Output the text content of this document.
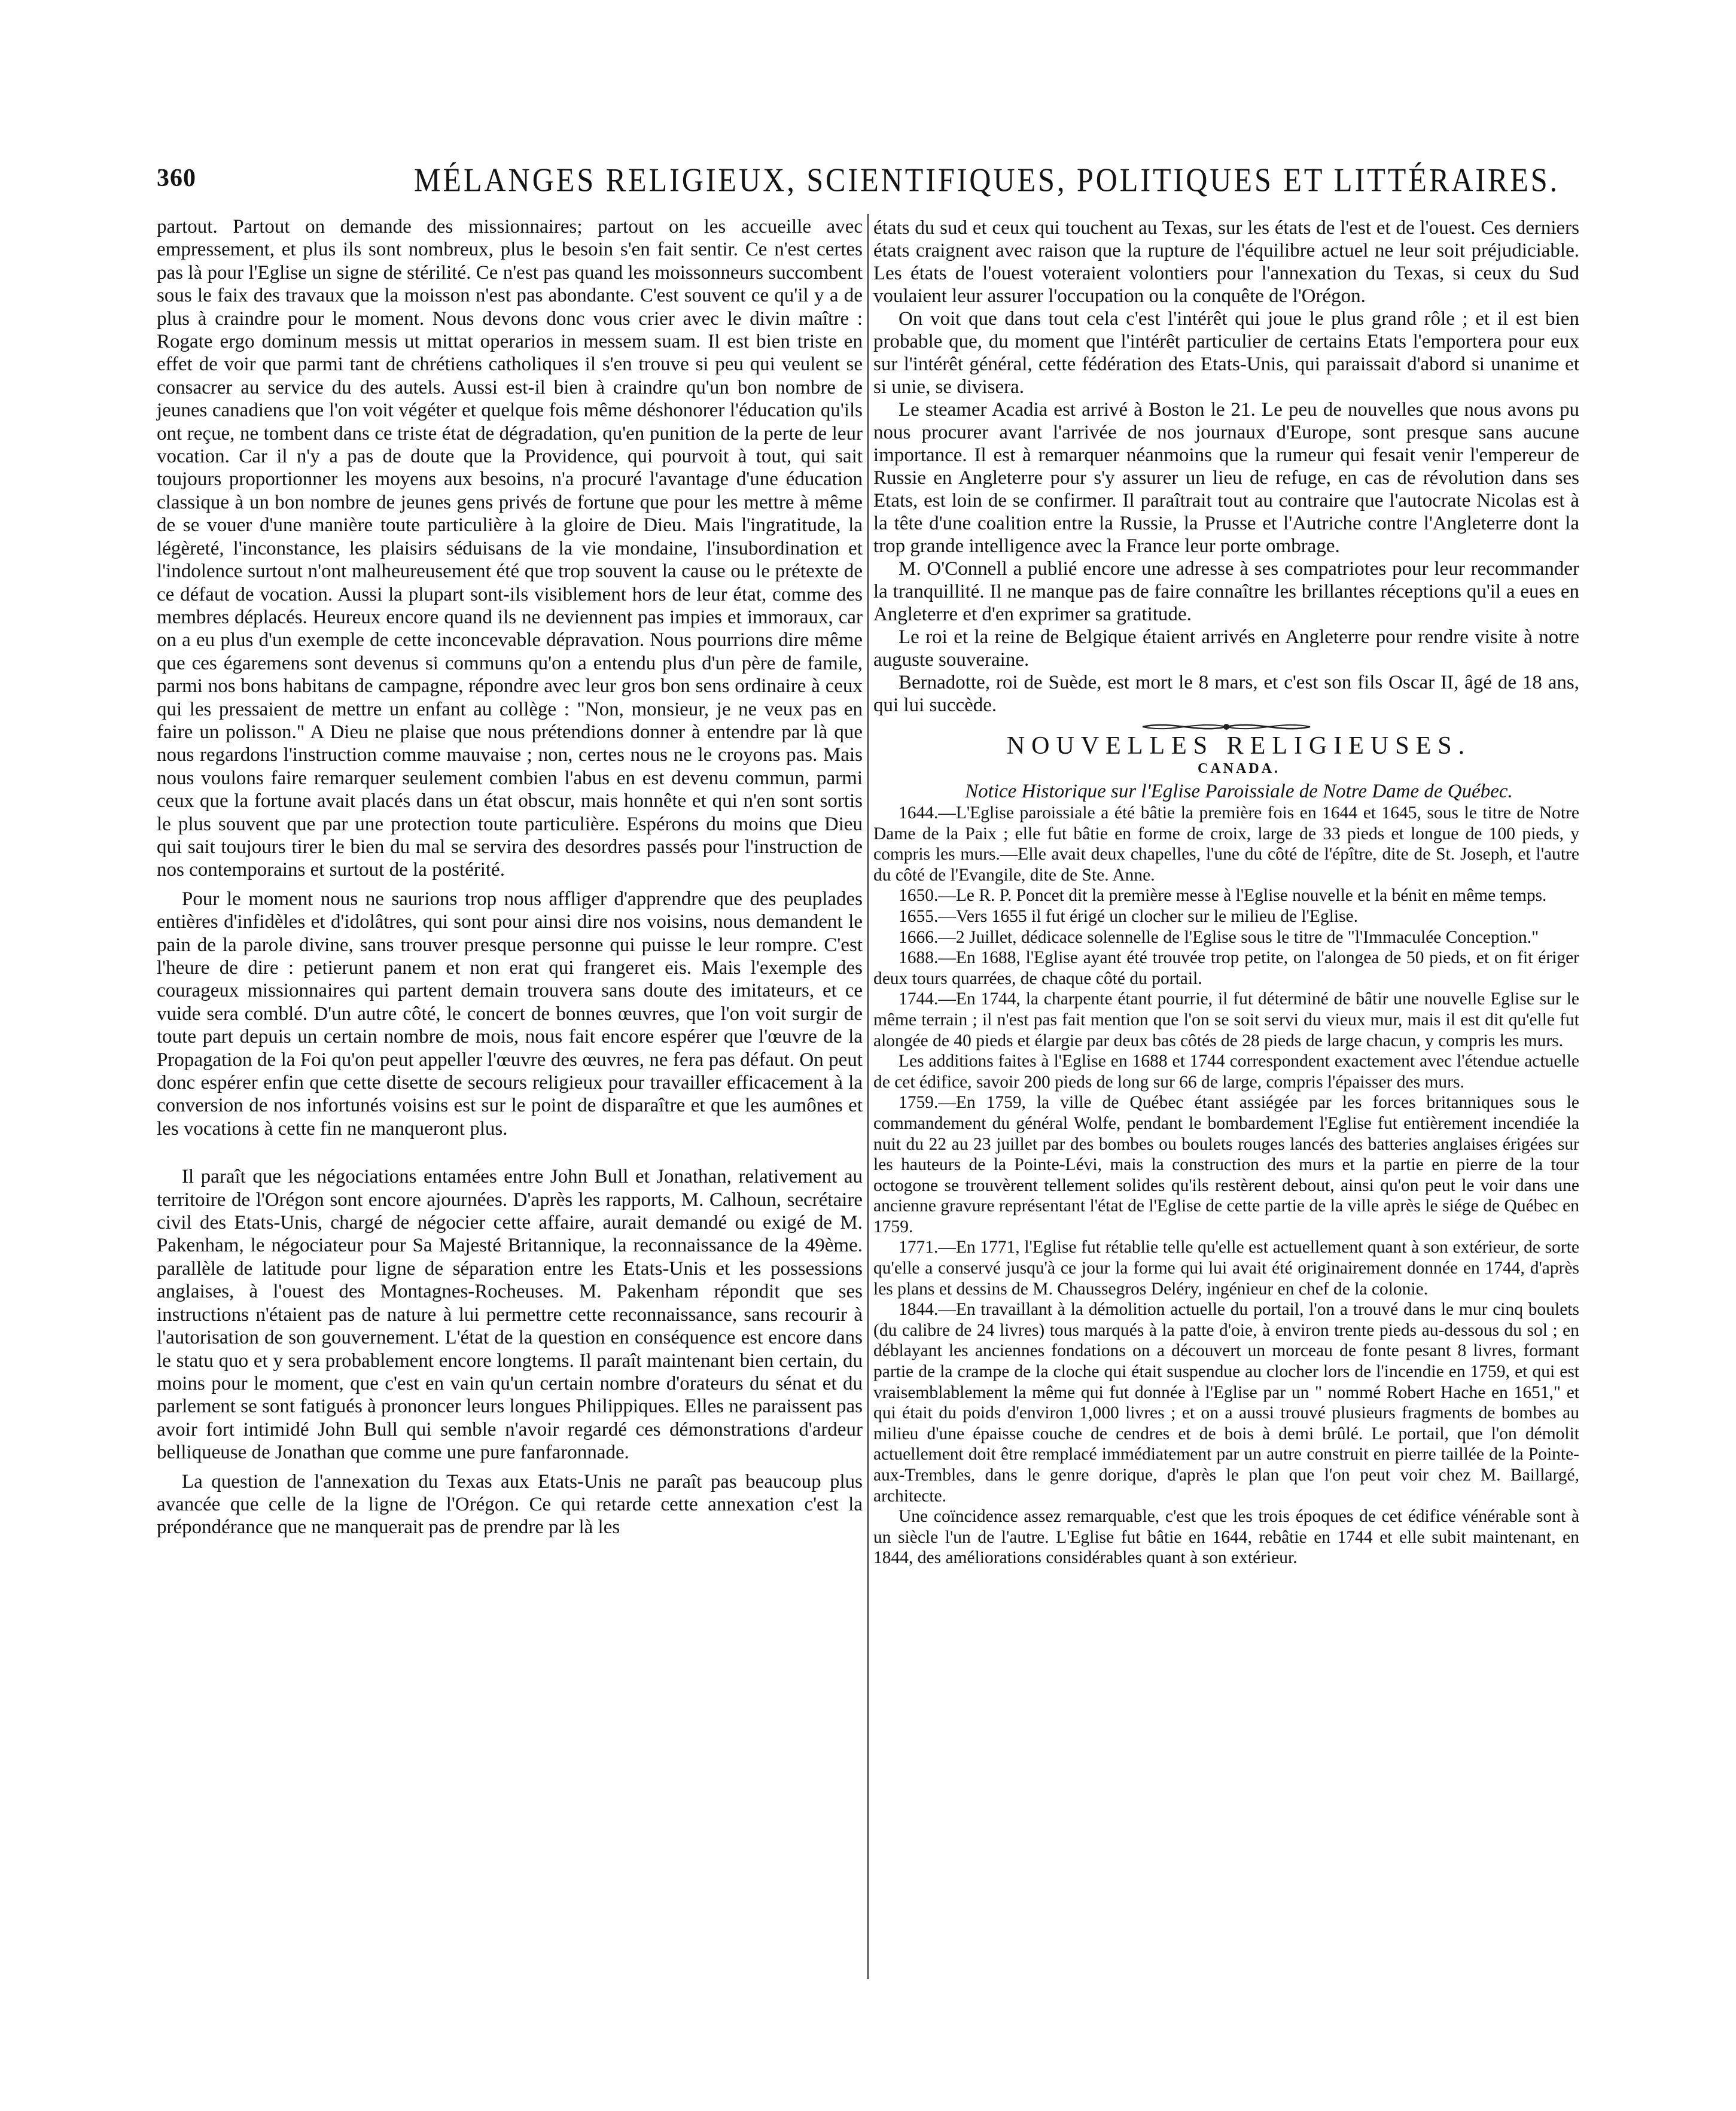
360	MÉLANGES RELIGIEUX, SCIENTIFIQUES, POLITIQUES ET LITTÉRAIRES.

partout. Partout on demande des missionnaires; partout on les accueille avec empressement, et plus ils sont nombreux, plus le besoin s'en fait sentir. Ce n'est certes pas là pour l'Eglise un signe de stérilité. Ce n'est pas quand les moissonneurs succombent sous le faix des travaux que la moisson n'est pas abondante. C'est souvent ce qu'il y a de plus à craindre pour le moment. Nous devons donc vous crier avec le divin maître : Rogate ergo dominum messis ut mittat operarios in messem suam. Il est bien triste en effet de voir que parmi tant de chrétiens catholiques il s'en trouve si peu qui veulent se consacrer au service du des autels. Aussi est-il bien à craindre qu'un bon nombre de jeunes canadiens que l'on voit végéter et quelque fois même déshonorer l'éducation qu'ils ont reçue, ne tombent dans ce triste état de dégradation, qu'en punition de la perte de leur vocation. Car il n'y a pas de doute que la Providence, qui pourvoit à tout, qui sait toujours proportionner les moyens aux besoins, n'a procuré l'avantage d'une éducation classique à un bon nombre de jeunes gens privés de fortune que pour les mettre à même de se vouer d'une manière toute particulière à la gloire de Dieu. Mais l'ingratitude, la légèreté, l'inconstance, les plaisirs séduisans de la vie mondaine, l'insubordination et l'indolence surtout n'ont malheureusement été que trop souvent la cause ou le prétexte de ce défaut de vocation. Aussi la plupart sont-ils visiblement hors de leur état, comme des membres déplacés. Heureux encore quand ils ne deviennent pas impies et immoraux, car on a eu plus d'un exemple de cette inconcevable dépravation. Nous pourrions dire même que ces égaremens sont devenus si communs qu'on a entendu plus d'un père de famile, parmi nos bons habitans de campagne, répondre avec leur gros bon sens ordinaire à ceux qui les pressaient de mettre un enfant au collège : "Non, monsieur, je ne veux pas en faire un polisson." A Dieu ne plaise que nous prétendions donner à entendre par là que nous regardons l'instruction comme mauvaise ; non, certes nous ne le croyons pas. Mais nous voulons faire remarquer seulement combien l'abus en est devenu commun, parmi ceux que la fortune avait placés dans un état obscur, mais honnête et qui n'en sont sortis le plus souvent que par une protection toute particulière. Espérons du moins que Dieu qui sait toujours tirer le bien du mal se servira des desordres passés pour l'instruction de nos contemporains et surtout de la postérité.

Pour le moment nous ne saurions trop nous affliger d'apprendre que des peuplades entières d'infidèles et d'idolâtres, qui sont pour ainsi dire nos voisins, nous demandent le pain de la parole divine, sans trouver presque personne qui puisse le leur rompre. C'est l'heure de dire : petierunt panem et non erat qui frangeret eis. Mais l'exemple des courageux missionnaires qui partent demain trouvera sans doute des imitateurs, et ce vuide sera comblé. D'un autre côté, le concert de bonnes œuvres, que l'on voit surgir de toute part depuis un certain nombre de mois, nous fait encore espérer que l'œuvre de la Propagation de la Foi qu'on peut appeller l'œuvre des œuvres, ne fera pas défaut. On peut donc espérer enfin que cette disette de secours religieux pour travailler efficacement à la conversion de nos infortunés voisins est sur le point de disparaître et que les aumônes et les vocations à cette fin ne manqueront plus.

Il paraît que les négociations entamées entre John Bull et Jonathan, relativement au territoire de l'Orégon sont encore ajournées. D'après les rapports, M. Calhoun, secrétaire civil des Etats-Unis, chargé de négocier cette affaire, aurait demandé ou exigé de M. Pakenham, le négociateur pour Sa Majesté Britannique, la reconnaissance de la 49ème. parallèle de latitude pour ligne de séparation entre les Etats-Unis et les possessions anglaises, à l'ouest des Montagnes-Rocheuses. M. Pakenham répondit que ses instructions n'étaient pas de nature à lui permettre cette reconnaissance, sans recourir à l'autorisation de son gouvernement. L'état de la question en conséquence est encore dans le statu quo et y sera probablement encore longtems. Il paraît maintenant bien certain, du moins pour le moment, que c'est en vain qu'un certain nombre d'orateurs du sénat et du parlement se sont fatigués à prononcer leurs longues Philippiques. Elles ne paraissent pas avoir fort intimidé John Bull qui semble n'avoir regardé ces démonstrations d'ardeur belliqueuse de Jonathan que comme une pure fanfaronnade.

La question de l'annexation du Texas aux Etats-Unis ne paraît pas beaucoup plus avancée que celle de la ligne de l'Orégon. Ce qui retarde cette annexation c'est la prépondérance que ne manquerait pas de prendre par là les

états du sud et ceux qui touchent au Texas, sur les états de l'est et de l'ouest. Ces derniers états craignent avec raison que la rupture de l'équilibre actuel ne leur soit préjudiciable. Les états de l'ouest voteraient volontiers pour l'annexation du Texas, si ceux du Sud voulaient leur assurer l'occupation ou la conquête de l'Orégon.

On voit que dans tout cela c'est l'intérêt qui joue le plus grand rôle ; et il est bien probable que, du moment que l'intérêt particulier de certains Etats l'emportera pour eux sur l'intérêt général, cette fédération des Etats-Unis, qui paraissait d'abord si unanime et si unie, se divisera.

Le steamer Acadia est arrivé à Boston le 21. Le peu de nouvelles que nous avons pu nous procurer avant l'arrivée de nos journaux d'Europe, sont presque sans aucune importance. Il est à remarquer néanmoins que la rumeur qui fesait venir l'empereur de Russie en Angleterre pour s'y assurer un lieu de refuge, en cas de révolution dans ses Etats, est loin de se confirmer. Il paraîtrait tout au contraire que l'autocrate Nicolas est à la tête d'une coalition entre la Russie, la Prusse et l'Autriche contre l'Angleterre dont la trop grande intelligence avec la France leur porte ombrage.

M. O'Connell a publié encore une adresse à ses compatriotes pour leur recommander la tranquillité. Il ne manque pas de faire connaître les brillantes réceptions qu'il a eues en Angleterre et d'en exprimer sa gratitude.

Le roi et la reine de Belgique étaient arrivés en Angleterre pour rendre visite à notre auguste souveraine.

Bernadotte, roi de Suède, est mort le 8 mars, et c'est son fils Oscar II, âgé de 18 ans, qui lui succède.

NOUVELLES RELIGIEUSES.

CANADA.

Notice Historique sur l'Eglise Paroissiale de Notre Dame de Québec.

1644.—L'Eglise paroissiale a été bâtie la première fois en 1644 et 1645, sous le titre de Notre Dame de la Paix ; elle fut bâtie en forme de croix, large de 33 pieds et longue de 100 pieds, y compris les murs.—Elle avait deux chapelles, l'une du côté de l'épître, dite de St. Joseph, et l'autre du côté de l'Evangile, dite de Ste. Anne.

1650.—Le R. P. Poncet dit la première messe à l'Eglise nouvelle et la bénit en même temps.

1655.—Vers 1655 il fut érigé un clocher sur le milieu de l'Eglise.

1666.—2 Juillet, dédicace solennelle de l'Eglise sous le titre de "l'Immaculée Conception."

1688.—En 1688, l'Eglise ayant été trouvée trop petite, on l'alongea de 50 pieds, et on fit ériger deux tours quarrées, de chaque côté du portail.

1744.—En 1744, la charpente étant pourrie, il fut déterminé de bâtir une nouvelle Eglise sur le même terrain ; il n'est pas fait mention que l'on se soit servi du vieux mur, mais il est dit qu'elle fut alongée de 40 pieds et élargie par deux bas côtés de 28 pieds de large chacun, y compris les murs.

Les additions faites à l'Eglise en 1688 et 1744 correspondent exactement avec l'étendue actuelle de cet édifice, savoir 200 pieds de long sur 66 de large, compris l'épaisser des murs.

1759.—En 1759, la ville de Québec étant assiégée par les forces britanniques sous le commandement du général Wolfe, pendant le bombardement l'Eglise fut entièrement incendiée la nuit du 22 au 23 juillet par des bombes ou boulets rouges lancés des batteries anglaises érigées sur les hauteurs de la Pointe-Lévi, mais la construction des murs et la partie en pierre de la tour octogone se trouvèrent tellement solides qu'ils restèrent debout, ainsi qu'on peut le voir dans une ancienne gravure représentant l'état de l'Eglise de cette partie de la ville après le siége de Québec en 1759.

1771.—En 1771, l'Eglise fut rétablie telle qu'elle est actuellement quant à son extérieur, de sorte qu'elle a conservé jusqu'à ce jour la forme qui lui avait été originairement donnée en 1744, d'après les plans et dessins de M. Chaussegros Deléry, ingénieur en chef de la colonie.

1844.—En travaillant à la démolition actuelle du portail, l'on a trouvé dans le mur cinq boulets (du calibre de 24 livres) tous marqués à la patte d'oie, à environ trente pieds au-dessous du sol ; en déblayant les anciennes fondations on a découvert un morceau de fonte pesant 8 livres, formant partie de la crampe de la cloche qui était suspendue au clocher lors de l'incendie en 1759, et qui est vraisemblablement la même qui fut donnée à l'Eglise par un " nommé Robert Hache en 1651," et qui était du poids d'environ 1,000 livres ; et on a aussi trouvé plusieurs fragments de bombes au milieu d'une épaisse couche de cendres et de bois à demi brûlé. Le portail, que l'on démolit actuellement doit être remplacé immédiatement par un autre construit en pierre taillée de la Pointe-aux-Trembles, dans le genre dorique, d'après le plan que l'on peut voir chez M. Baillargé, architecte.

Une coïncidence assez remarquable, c'est que les trois époques de cet édifice vénérable sont à un siècle l'un de l'autre. L'Eglise fut bâtie en 1644, rebâtie en 1744 et elle subit maintenant, en 1844, des améliorations considérables quant à son extérieur.
